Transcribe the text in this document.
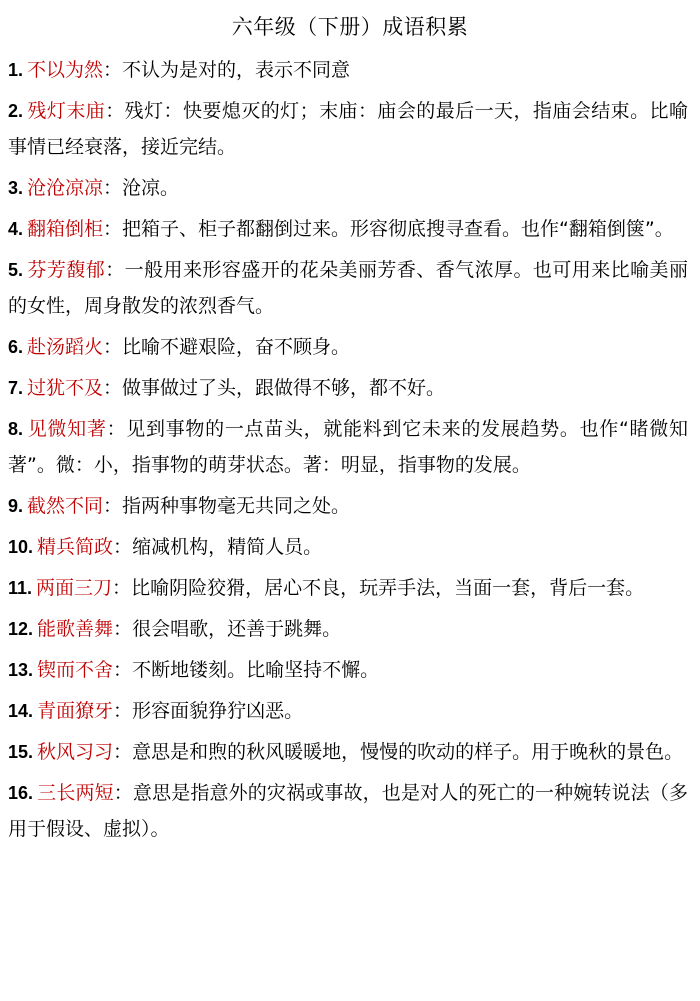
六年级（下册）成语积累
1. 不以为然：不认为是对的，表示不同意
2. 残灯末庙：残灯：快要熄灭的灯；末庙：庙会的最后一天，指庙会结束。比喻事情已经衰落，接近完结。
3. 沧沧凉凉：沧凉。
4. 翻箱倒柜：把箱子、柜子都翻倒过来。形容彻底搜寻查看。也作“翻箱倒箧”。
5. 芬芳馥郁：一般用来形容盛开的花朵美丽芳香、香气浓厚。也可用来比喻美丽的女性，周身散发的浓烈香气。
6. 赴汤蹈火：比喻不避艰险，奋不顾身。
7. 过犹不及：做事做过了头，跟做得不够，都不好。
8. 见微知著：见到事物的一点苗头，就能料到它未来的发展趋势。也作“睹微知著”。微：小，指事物的萌芽状态。著：明显，指事物的发展。
9. 截然不同：指两种事物毫无共同之处。
10. 精兵简政：缩减机构，精简人员。
11. 两面三刀：比喻阴险狡猾，居心不良，玩弄手法，当面一套，背后一套。
12. 能歌善舞：很会唱歌，还善于跳舞。
13. 锲而不舍：不断地镂刻。比喻坚持不懈。
14. 青面獠牙：形容面貌狰狞凶恶。
15. 秋风习习：意思是和煦的秋风暖暖地，慢慢的吹动的样子。用于晚秋的景色。
16. 三长两短：意思是指意外的灾祸或事故，也是对人的死亡的一种婉转说法（多用于假设、虚拟）。
